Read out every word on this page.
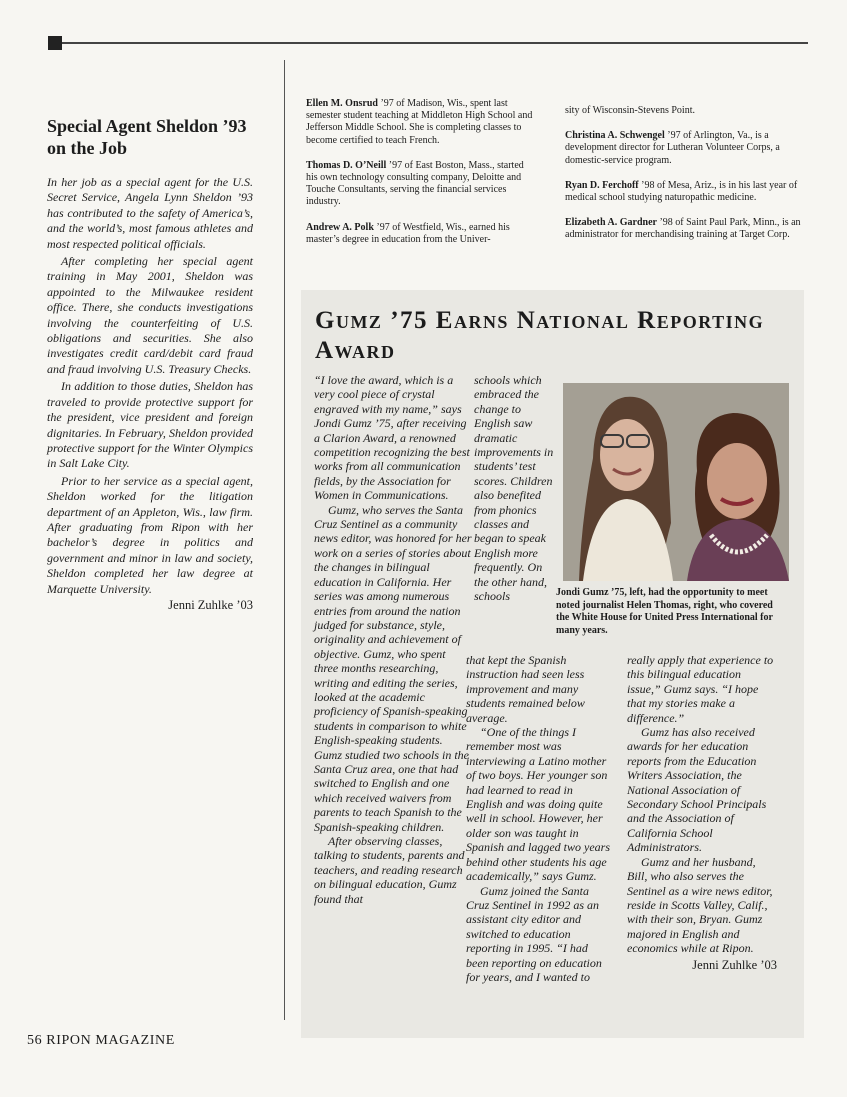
Special Agent Sheldon ’93 on the Job

In her job as a special agent for the U.S. Secret Service, Angela Lynn Sheldon ’93 has contributed to the safety of America’s, and the world’s, most famous athletes and most respected political officials.

After completing her special agent training in May 2001, Sheldon was appointed to the Milwaukee resident office. There, she conducts investigations involving the counterfeiting of U.S. obligations and securities. She also investigates credit card/debit card fraud and fraud involving U.S. Treasury Checks.

In addition to those duties, Sheldon has traveled to provide protective support for the president, vice president and foreign dignitaries. In February, Sheldon provided protective support for the Winter Olympics in Salt Lake City.

Prior to her service as a special agent, Sheldon worked for the litigation department of an Appleton, Wis., law firm. After graduating from Ripon with her bachelor’s degree in politics and government and minor in law and society, Sheldon completed her law degree at Marquette University.

Jenni Zuhlke ’03

Ellen M. Onsrud ’97 of Madison, Wis., spent last semester student teaching at Middleton High School and Jefferson Middle School. She is completing classes to become certified to teach French.

Thomas D. O’Neill ’97 of East Boston, Mass., started his own technology consulting company, Deloitte and Touche Consultants, serving the financial services industry.

Andrew A. Polk ’97 of Westfield, Wis., earned his master’s degree in education from the Univer-

sity of Wisconsin-Stevens Point.

Christina A. Schwengel ’97 of Arlington, Va., is a development director for Lutheran Volunteer Corps, a domestic-service program.

Ryan D. Ferchoff ’98 of Mesa, Ariz., is in his last year of medical school studying naturopathic medicine.

Elizabeth A. Gardner ’98 of Saint Paul Park, Minn., is an administrator for merchandising training at Target Corp.

Gumz ’75 Earns National Reporting Award

“I love the award, which is a very cool piece of crystal engraved with my name,” says Jondi Gumz ’75, after receiving a Clarion Award, a renowned competition recognizing the best works from all communication fields, by the Association for Women in Communications.

Gumz, who serves the Santa Cruz Sentinel as a community news editor, was honored for her work on a series of stories about the changes in bilingual education in California. Her series was among numerous entries from around the nation judged for substance, style, originality and achievement of objective. Gumz, who spent three months researching, writing and editing the series, looked at the academic proficiency of Spanish-speaking students in comparison to white English-speaking students. Gumz studied two schools in the Santa Cruz area, one that had switched to English and one which received waivers from parents to teach Spanish to the Spanish-speaking children.

After observing classes, talking to students, parents and teachers, and reading research on bilingual education, Gumz found that

schools which embraced the change to English saw dramatic improvements in students’ test scores. Children also benefited from phonics classes and began to speak English more frequently. On the other hand, schools	Jondi Gumz ’75, left, had the opportunity to meet noted journalist Helen Thomas, right, who covered the White House for United Press International for many years.

that kept the Spanish instruction had seen less improvement and many students remained below average.

“One of the things I remember most was interviewing a Latino mother of two boys. Her younger son had learned to read in English and was doing quite well in school. However, her older son was taught in Spanish and lagged two years behind other students his age academically,” says Gumz.

Gumz joined the Santa Cruz Sentinel in 1992 as an assistant city editor and switched to education reporting in 1995. “I had been reporting on education for years, and I wanted to

really apply that experience to this bilingual education issue,” Gumz says. “I hope that my stories make a difference.”

Gumz has also received awards for her education reports from the Education Writers Association, the National Association of Secondary School Principals and the Association of California School Administrators.

Gumz and her husband, Bill, who also serves the Sentinel as a wire news editor, reside in Scotts Valley, Calif., with their son, Bryan. Gumz majored in English and economics while at Ripon.

Jenni Zuhlke ’03
56 RIPON MAGAZINE
